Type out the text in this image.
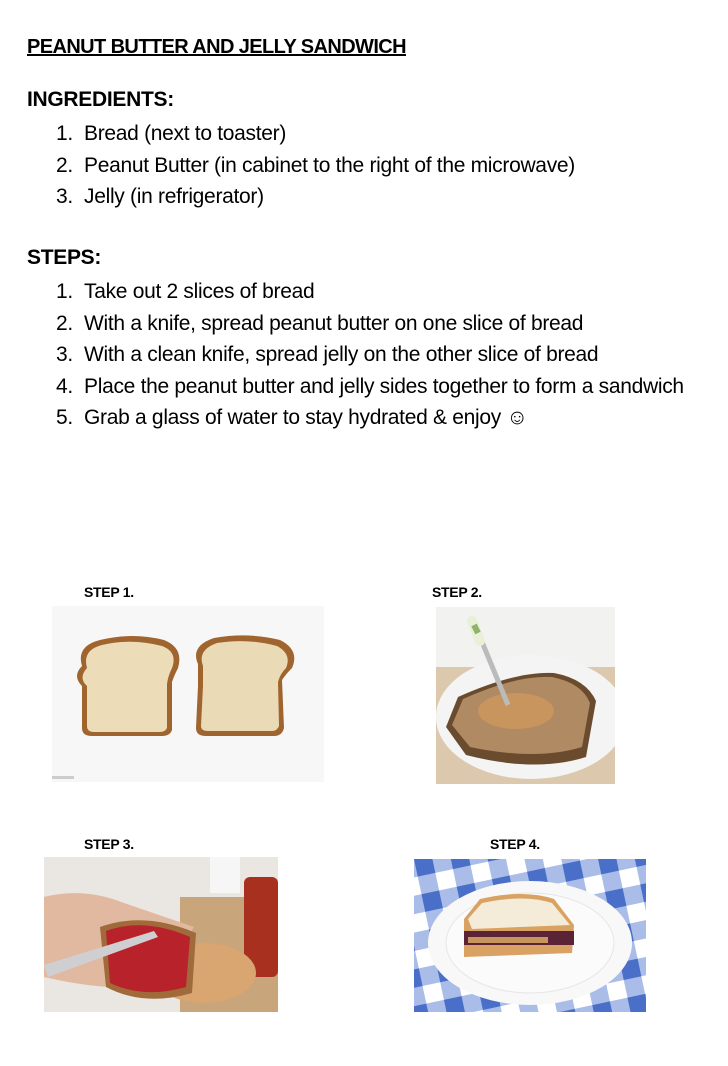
PEANUT BUTTER AND JELLY SANDWICH
INGREDIENTS:
1. Bread (next to toaster)
2. Peanut Butter (in cabinet to the right of the microwave)
3. Jelly (in refrigerator)
STEPS:
1. Take out 2 slices of bread
2. With a knife, spread peanut butter on one slice of bread
3. With a clean knife, spread jelly on the other slice of bread
4. Place the peanut butter and jelly sides together to form a sandwich
5. Grab a glass of water to stay hydrated & enjoy ☺
STEP 1.	STEP 2.
STEP 3.	STEP 4.
